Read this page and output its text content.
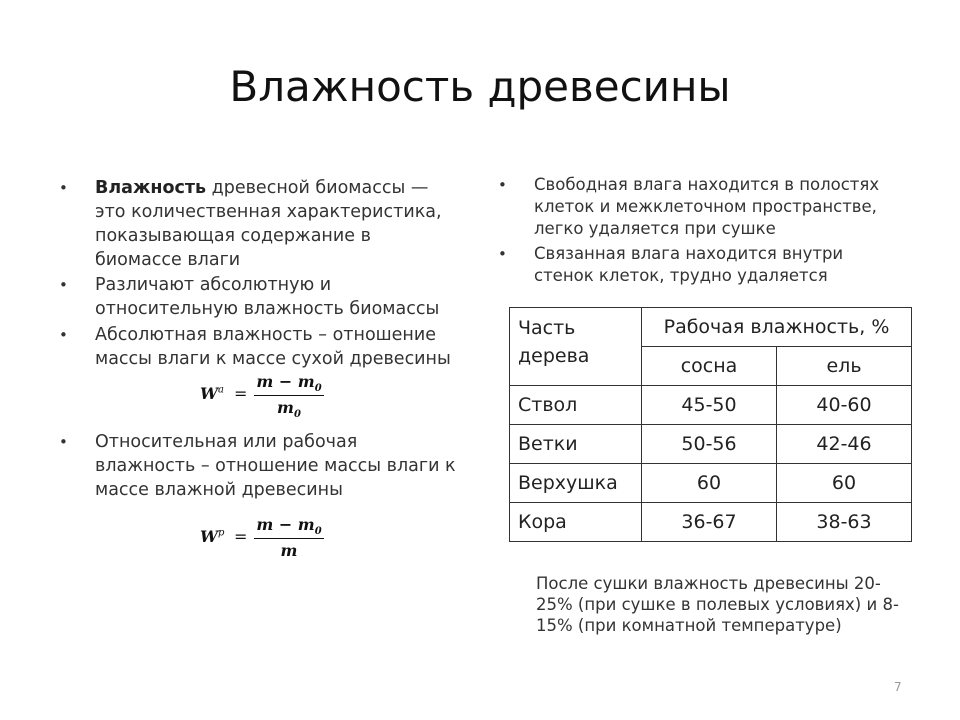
Влажность древесины
• Влажность древесной биомассы — это количественная характеристика, показывающая содержание в биомассе влаги
• Различают абсолютную и относительную влажность биомассы
• Абсолютная влажность – отношение массы влаги к массе сухой древесины
$W^a$ =
$m - m_0$
$m_0$
• Относительная или рабочая влажность – отношение массы влаги к массе влажной древесины
$W^p$ =
$m - m_0$
m
• Свободная влага находится в полостях клеток и межклеточном пространстве, легко удаляется при сушке
• Связанная влага находится внутри стенок клеток, трудно удаляется
Часть дерева	Рабочая влажность, %	
	сосна	ель
Ствол	45-50	40-60
Ветки	50-56	42-46
Верхушка	60	60
Кора	36-67	38-63
После сушки влажность древесины 20-25% (при сушке в полевых условиях) и 8-15% (при комнатной температуре)
7
